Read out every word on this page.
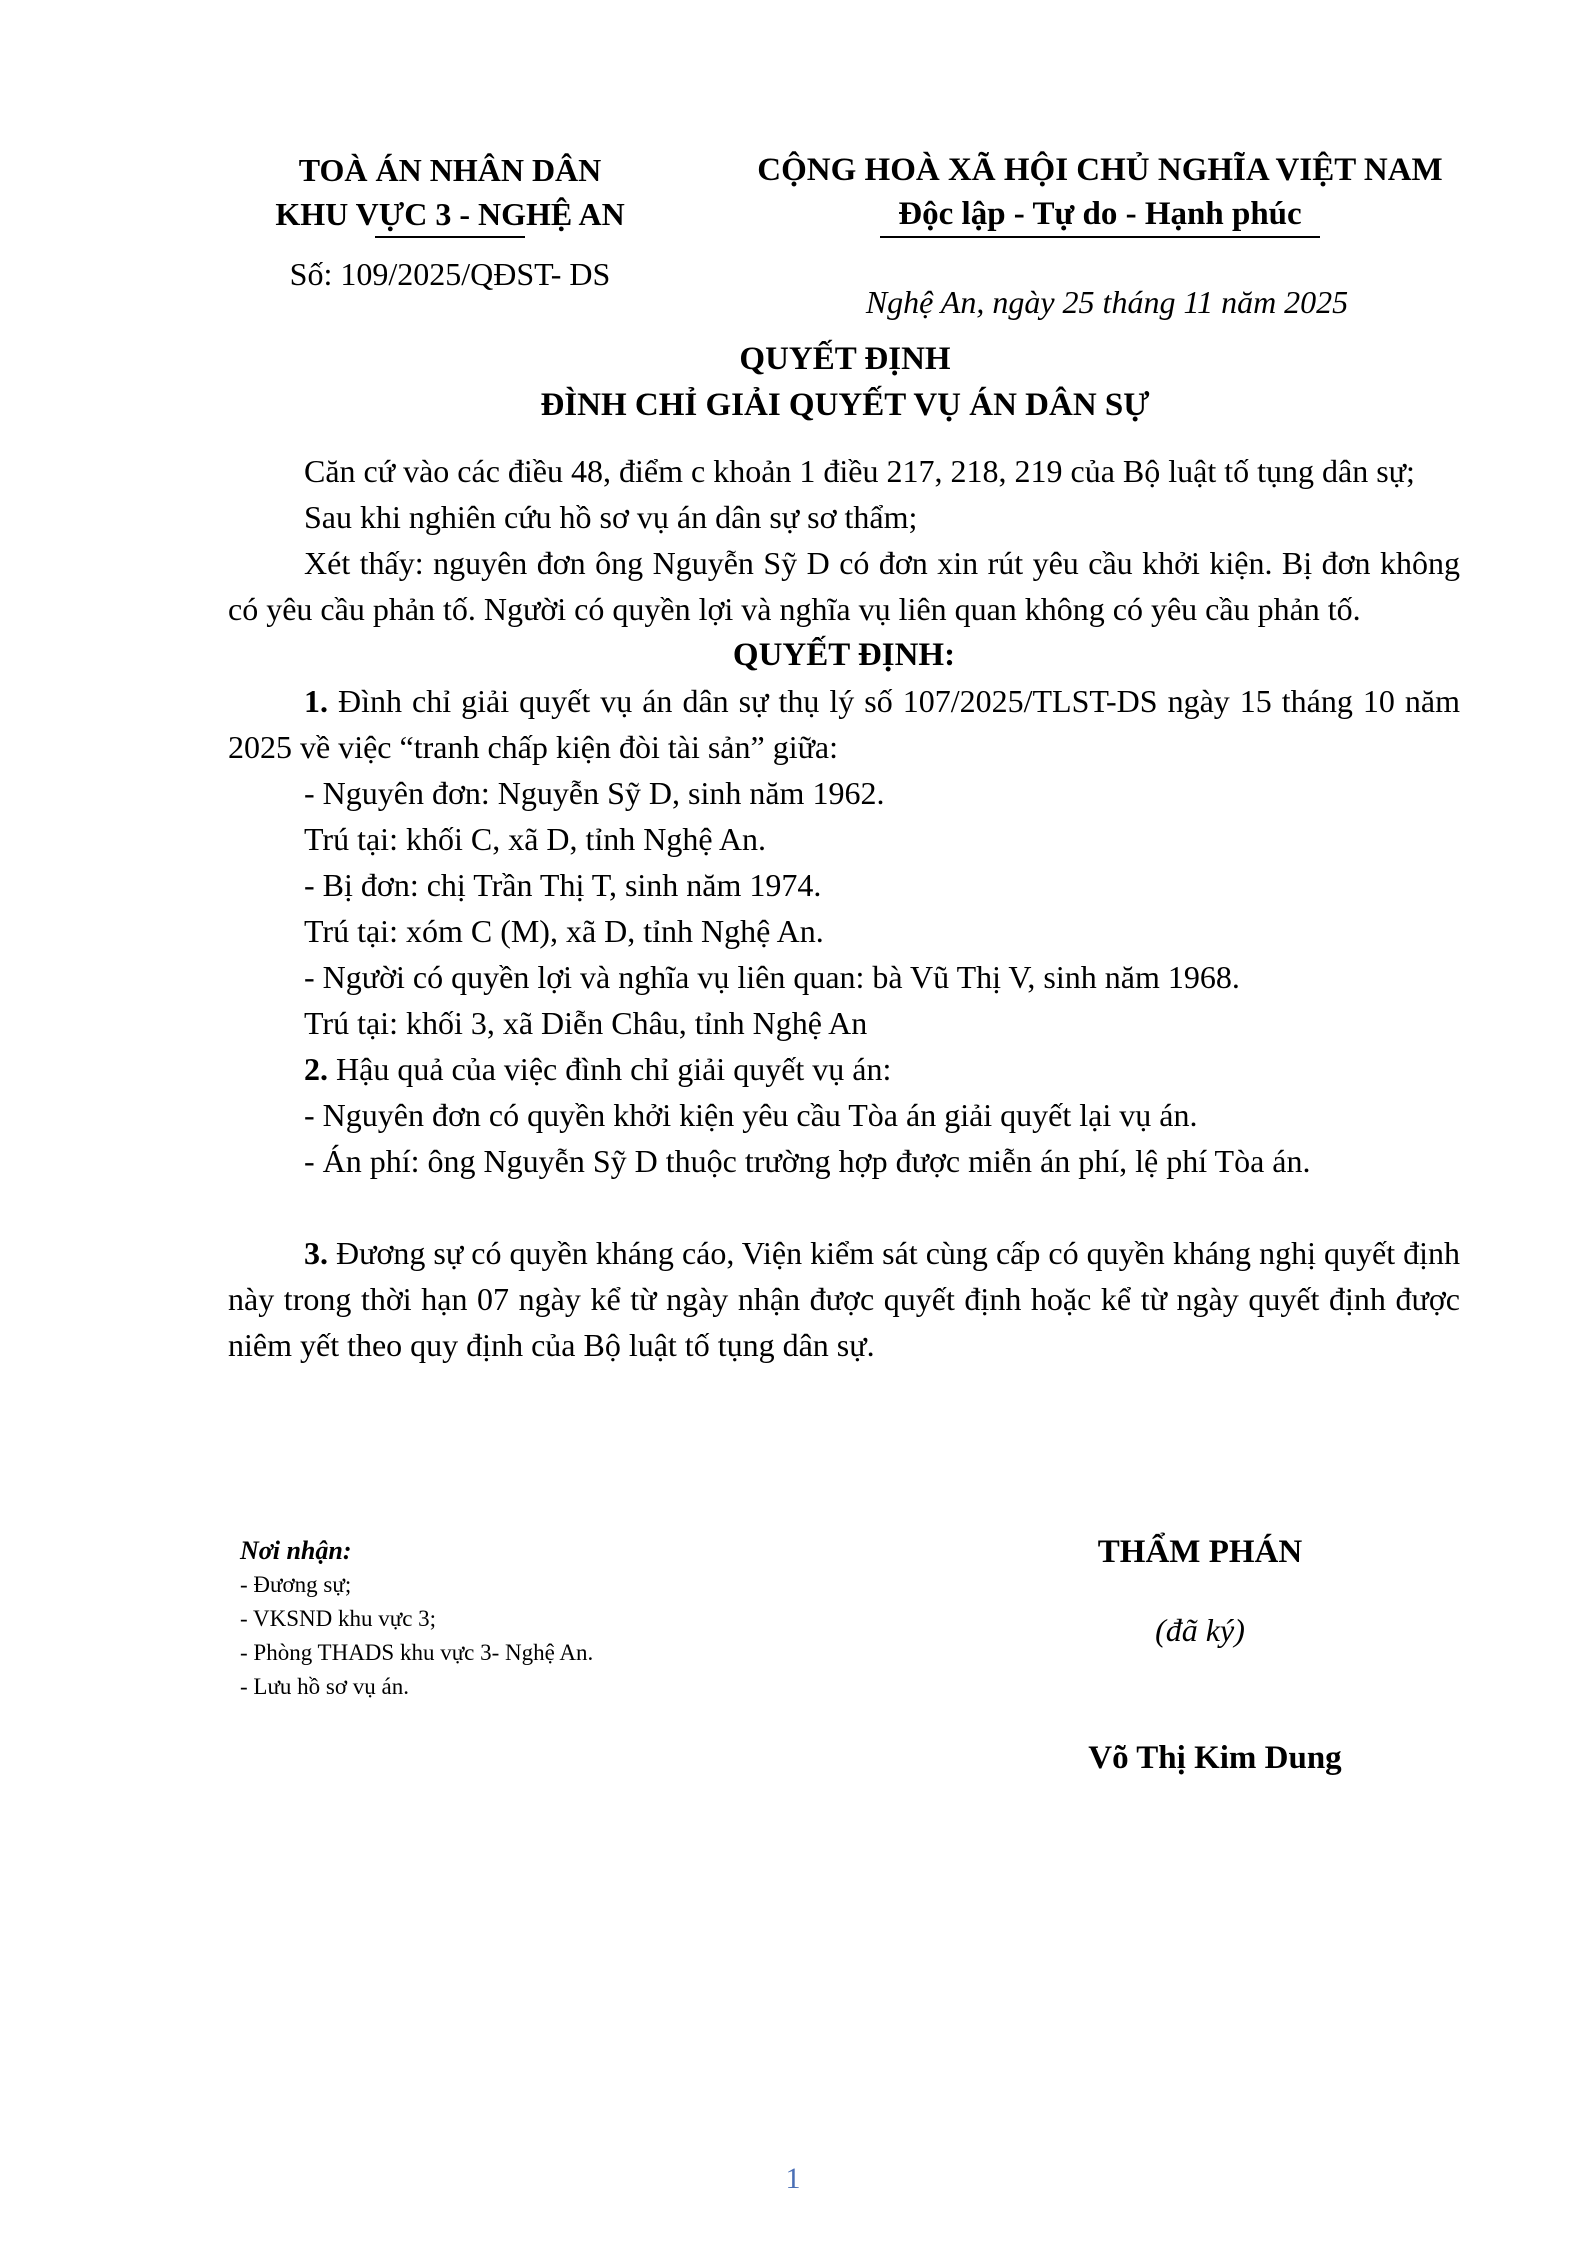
TOÀ ÁN NHÂN DÂN
KHU VỰC 3 - NGHỆ AN
Số: 109/2025/QĐST- DS
CỘNG HOÀ XÃ HỘI CHỦ NGHĨA VIỆT NAM
Độc lập - Tự do - Hạnh phúc
Nghệ An, ngày 25 tháng 11 năm 2025
QUYẾT ĐỊNH
ĐÌNH CHỈ GIẢI QUYẾT VỤ ÁN DÂN SỰ

Căn cứ vào các điều 48, điểm c khoản 1 điều 217, 218, 219 của Bộ luật tố tụng dân sự;

Sau khi nghiên cứu hồ sơ vụ án dân sự sơ thẩm;

Xét thấy: nguyên đơn ông Nguyễn Sỹ D có đơn xin rút yêu cầu khởi kiện. Bị đơn không có yêu cầu phản tố. Người có quyền lợi và nghĩa vụ liên quan không có yêu cầu phản tố.

QUYẾT ĐỊNH:

1. Đình chỉ giải quyết vụ án dân sự thụ lý số 107/2025/TLST-DS ngày 15 tháng 10 năm 2025 về việc “tranh chấp kiện đòi tài sản” giữa:

- Nguyên đơn: Nguyễn Sỹ D, sinh năm 1962.

Trú tại: khối C, xã D, tỉnh Nghệ An.

- Bị đơn: chị Trần Thị T, sinh năm 1974.

Trú tại: xóm C (M), xã D, tỉnh Nghệ An.

- Người có quyền lợi và nghĩa vụ liên quan: bà Vũ Thị V, sinh năm 1968.

Trú tại: khối 3, xã Diễn Châu, tỉnh Nghệ An

2. Hậu quả của việc đình chỉ giải quyết vụ án:

- Nguyên đơn có quyền khởi kiện yêu cầu Tòa án giải quyết lại vụ án.

- Án phí: ông Nguyễn Sỹ D thuộc trường hợp được miễn án phí, lệ phí Tòa án.

3. Đương sự có quyền kháng cáo, Viện kiểm sát cùng cấp có quyền kháng nghị quyết định này trong thời hạn 07 ngày kể từ ngày nhận được quyết định hoặc kể từ ngày quyết định được niêm yết theo quy định của Bộ luật tố tụng dân sự.

Nơi nhận:
- Đương sự;
- VKSND khu vực 3;
- Phòng THADS khu vực 3- Nghệ An.
- Lưu hồ sơ vụ án.
THẨM PHÁN
(đã ký)
Võ Thị Kim Dung
1
